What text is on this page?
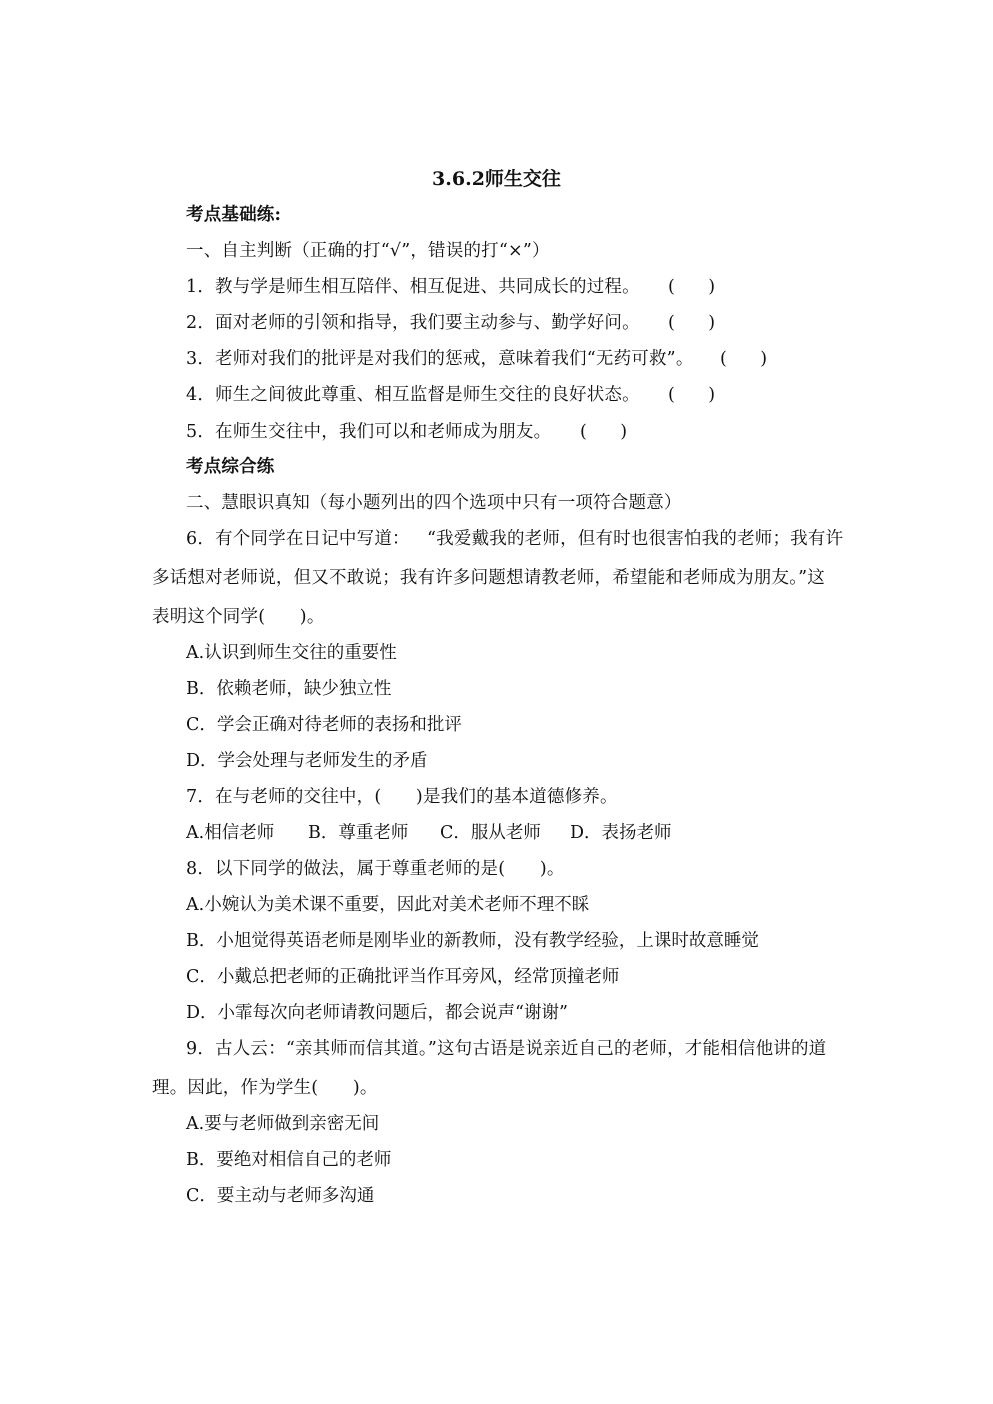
3.6.2师生交往
考点基础练:
一、自主判断（正确的打“√”，错误的打“×”）
1．教与学是师生相互陪伴、相互促进、共同成长的过程。 (      )
2．面对老师的引领和指导，我们要主动参与、勤学好问。 (      )
3．老师对我们的批评是对我们的惩戒，意味着我们“无药可救”。 (      )
4．师生之间彼此尊重、相互监督是师生交往的良好状态。 (      )
5．在师生交往中，我们可以和老师成为朋友。 (      )
考点综合练
二、慧眼识真知（每小题列出的四个选项中只有一项符合题意）
6．有个同学在日记中写道：   “我爱戴我的老师，但有时也很害怕我的老师；我有许
多话想对老师说，但又不敢说；我有许多问题想请教老师，希望能和老师成为朋友。”这
表明这个同学(      )。
A.认识到师生交往的重要性
B．依赖老师，缺少独立性
C．学会正确对待老师的表扬和批评
D．学会处理与老师发生的矛盾
7．在与老师的交往中，(      )是我们的基本道德修养。
A.相信老师 B．尊重老师 C．服从老师 D．表扬老师
8．以下同学的做法，属于尊重老师的是(      )。
A.小婉认为美术课不重要，因此对美术老师不理不睬
B．小旭觉得英语老师是刚毕业的新教师，没有教学经验，上课时故意睡觉
C．小戴总把老师的正确批评当作耳旁风，经常顶撞老师
D．小霏每次向老师请教问题后，都会说声“谢谢”
9．古人云：“亲其师而信其道。”这句古语是说亲近自己的老师，才能相信他讲的道
理。因此，作为学生(      )。
A.要与老师做到亲密无间
B．要绝对相信自己的老师
C．要主动与老师多沟通
